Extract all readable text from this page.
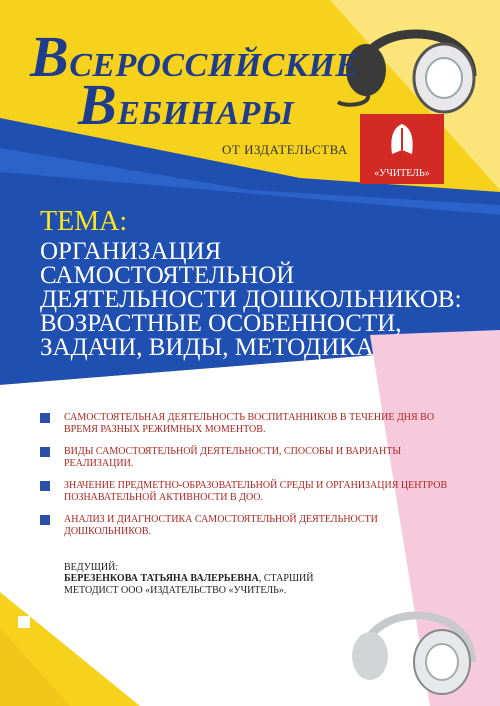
ВСЕРОССИЙСКИЕ
ВЕБИНАРЫ
ОТ ИЗДАТЕЛЬСТВА
«УЧИТЕЛЬ»
ТЕМА:
ОРГАНИЗАЦИЯ САМОСТОЯТЕЛЬНОЙ ДЕЯТЕЛЬНОСТИ ДОШКОЛЬНИКОВ: ВОЗРАСТНЫЕ ОСОБЕННОСТИ, ЗАДАЧИ, ВИДЫ, МЕТОДИКА
САМОСТОЯТЕЛЬНАЯ ДЕЯТЕЛЬНОСТЬ ВОСПИТАННИКОВ В ТЕЧЕНИЕ ДНЯ ВО ВРЕМЯ РАЗНЫХ РЕЖИМНЫХ МОМЕНТОВ.
ВИДЫ САМОСТОЯТЕЛЬНОЙ ДЕЯТЕЛЬНОСТИ, СПОСОБЫ И ВАРИАНТЫ РЕАЛИЗАЦИИ.
ЗНАЧЕНИЕ ПРЕДМЕТНО-ОБРАЗОВАТЕЛЬНОЙ СРЕДЫ И ОРГАНИЗАЦИЯ ЦЕНТРОВ ПОЗНАВАТЕЛЬНОЙ АКТИВНОСТИ В ДОО.
АНАЛИЗ И ДИАГНОСТИКА САМОСТОЯТЕЛЬНОЙ ДЕЯТЕЛЬНОСТИ ДОШКОЛЬНИКОВ.
ВЕДУЩИЙ:
БЕРЕЗЕНКОВА ТАТЬЯНА ВАЛЕРЬЕВНА, СТАРШИЙ МЕТОДИСТ ООО «ИЗДАТЕЛЬСТВО «УЧИТЕЛЬ».
